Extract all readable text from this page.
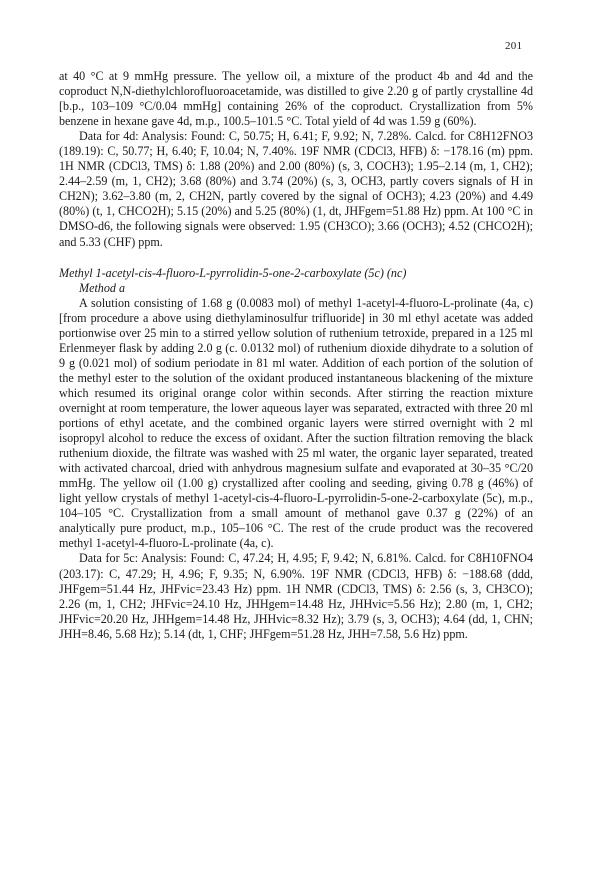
201

at 40 °C at 9 mmHg pressure. The yellow oil, a mixture of the product 4b and 4d and the coproduct N,N-diethylchlorofluoroacetamide, was distilled to give 2.20 g of partly crystalline 4d [b.p., 103–109 °C/0.04 mmHg] containing 26% of the coproduct. Crystallization from 5% benzene in hexane gave 4d, m.p., 100.5–101.5 °C. Total yield of 4d was 1.59 g (60%).

Data for 4d: Analysis: Found: C, 50.75; H, 6.41; F, 9.92; N, 7.28%. Calcd. for C8H12FNO3 (189.19): C, 50.77; H, 6.40; F, 10.04; N, 7.40%. 19F NMR (CDCl3, HFB) δ: −178.16 (m) ppm. 1H NMR (CDCl3, TMS) δ: 1.88 (20%) and 2.00 (80%) (s, 3, COCH3); 1.95–2.14 (m, 1, CH2); 2.44–2.59 (m, 1, CH2); 3.68 (80%) and 3.74 (20%) (s, 3, OCH3, partly covers signals of H in CH2N); 3.62–3.80 (m, 2, CH2N, partly covered by the signal of OCH3); 4.23 (20%) and 4.49 (80%) (t, 1, CHCO2H); 5.15 (20%) and 5.25 (80%) (1, dt, JHFgem=51.88 Hz) ppm. At 100 °C in DMSO-d6, the following signals were observed: 1.95 (CH3CO); 3.66 (OCH3); 4.52 (CHCO2H); and 5.33 (CHF) ppm.

Methyl 1-acetyl-cis-4-fluoro-L-pyrrolidin-5-one-2-carboxylate (5c) (nc)

Method a

A solution consisting of 1.68 g (0.0083 mol) of methyl 1-acetyl-4-fluoro-L-prolinate (4a, c) [from procedure a above using diethylaminosulfur trifluoride] in 30 ml ethyl acetate was added portionwise over 25 min to a stirred yellow solution of ruthenium tetroxide, prepared in a 125 ml Erlenmeyer flask by adding 2.0 g (c. 0.0132 mol) of ruthenium dioxide dihydrate to a solution of 9 g (0.021 mol) of sodium periodate in 81 ml water. Addition of each portion of the solution of the methyl ester to the solution of the oxidant produced instantaneous blackening of the mixture which resumed its original orange color within seconds. After stirring the reaction mixture overnight at room temperature, the lower aqueous layer was separated, extracted with three 20 ml portions of ethyl acetate, and the combined organic layers were stirred overnight with 2 ml isopropyl alcohol to reduce the excess of oxidant. After the suction filtration removing the black ruthenium dioxide, the filtrate was washed with 25 ml water, the organic layer separated, treated with activated charcoal, dried with anhydrous magnesium sulfate and evaporated at 30–35 °C/20 mmHg. The yellow oil (1.00 g) crystallized after cooling and seeding, giving 0.78 g (46%) of light yellow crystals of methyl 1-acetyl-cis-4-fluoro-L-pyrrolidin-5-one-2-carboxylate (5c), m.p., 104–105 °C. Crystallization from a small amount of methanol gave 0.37 g (22%) of an analytically pure product, m.p., 105–106 °C. The rest of the crude product was the recovered methyl 1-acetyl-4-fluoro-L-prolinate (4a, c).

Data for 5c: Analysis: Found: C, 47.24; H, 4.95; F, 9.42; N, 6.81%. Calcd. for C8H10FNO4 (203.17): C, 47.29; H, 4.96; F, 9.35; N, 6.90%. 19F NMR (CDCl3, HFB) δ: −188.68 (ddd, JHFgem=51.44 Hz, JHFvic=23.43 Hz) ppm. 1H NMR (CDCl3, TMS) δ: 2.56 (s, 3, CH3CO); 2.26 (m, 1, CH2; JHFvic=24.10 Hz, JHHgem=14.48 Hz, JHHvic=5.56 Hz); 2.80 (m, 1, CH2; JHFvic=20.20 Hz, JHHgem=14.48 Hz, JHHvic=8.32 Hz); 3.79 (s, 3, OCH3); 4.64 (dd, 1, CHN; JHH=8.46, 5.68 Hz); 5.14 (dt, 1, CHF; JHFgem=51.28 Hz, JHH=7.58, 5.6 Hz) ppm.
